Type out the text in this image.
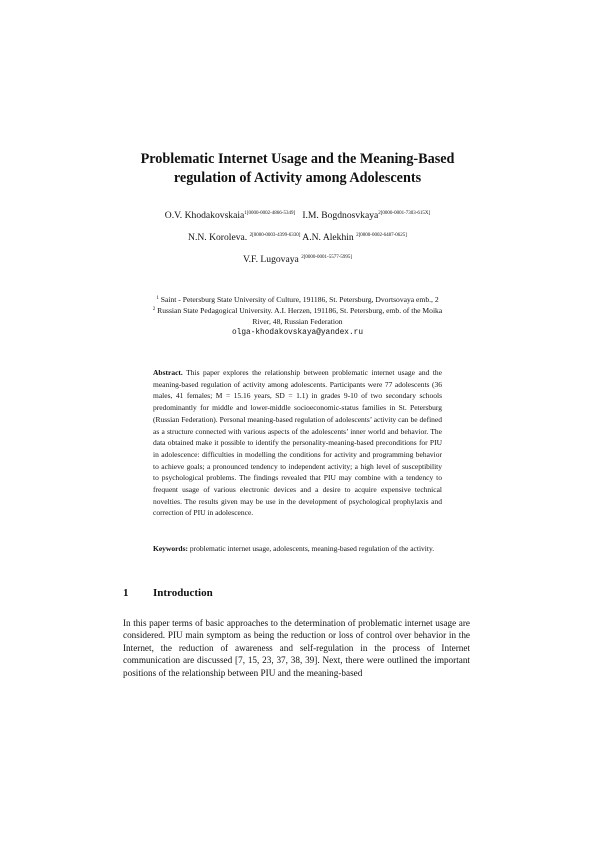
Problematic Internet Usage and the Meaning-Based
regulation of Activity among Adolescents
O.V. Khodakovskaia$^{1[0000-0002-4866-5349]}$ I.M. Bogdnosvkaya$^{2[0000-0001-7303-615X]}$
N.N. Koroleva. $^{2[0000-0003-4399-6330]}$ A.N. Alekhin $^{2[0000-0002-6487-0625]}$
V.F. Lugovaya $^{2[0000-0001-5577-5995]}$
$^1$ Saint - Petersburg State University of Culture, 191186, St. Petersburg, Dvortsovaya emb., 2
$^2$ Russian State Pedagogical University. A.I. Herzen, 191186, St. Petersburg, emb. of the Moika
River, 48, Russian Federation
olga-khodakovskaya@yandex.ru
Abstract. This paper explores the relationship between problematic internet usage and the meaning-based regulation of activity among adolescents. Participants were 77 adolescents (36 males, 41 females; M = 15.16 years, SD = 1.1) in grades 9-10 of two secondary schools predominantly for middle and lower-middle socioeconomic-status families in St. Petersburg (Russian Federation). Personal meaning-based regulation of adolescents’ activity can be defined as a structure connected with various aspects of the adolescents’ inner world and behavior. The data obtained make it possible to identify the personality-meaning-based preconditions for PIU in adolescence: difficulties in modelling the conditions for activity and programming behavior to achieve goals; a pronounced tendency to independent activity; a high level of susceptibility to psychological problems. The findings revealed that PIU may combine with a tendency to frequent usage of various electronic devices and a desire to acquire expensive technical novelties. The results given may be use in the development of psychological prophylaxis and correction of PIU in adolescence.
Keywords: problematic internet usage, adolescents, meaning-based regulation of the activity.
1 Introduction
In this paper terms of basic approaches to the determination of problematic internet usage are considered. PIU main symptom as being the reduction or loss of control over behavior in the Internet, the reduction of awareness and self-regulation in the process of Internet communication are discussed [7, 15, 23, 37, 38, 39]. Next, there were outlined the important positions of the relationship between PIU and the meaning-based
